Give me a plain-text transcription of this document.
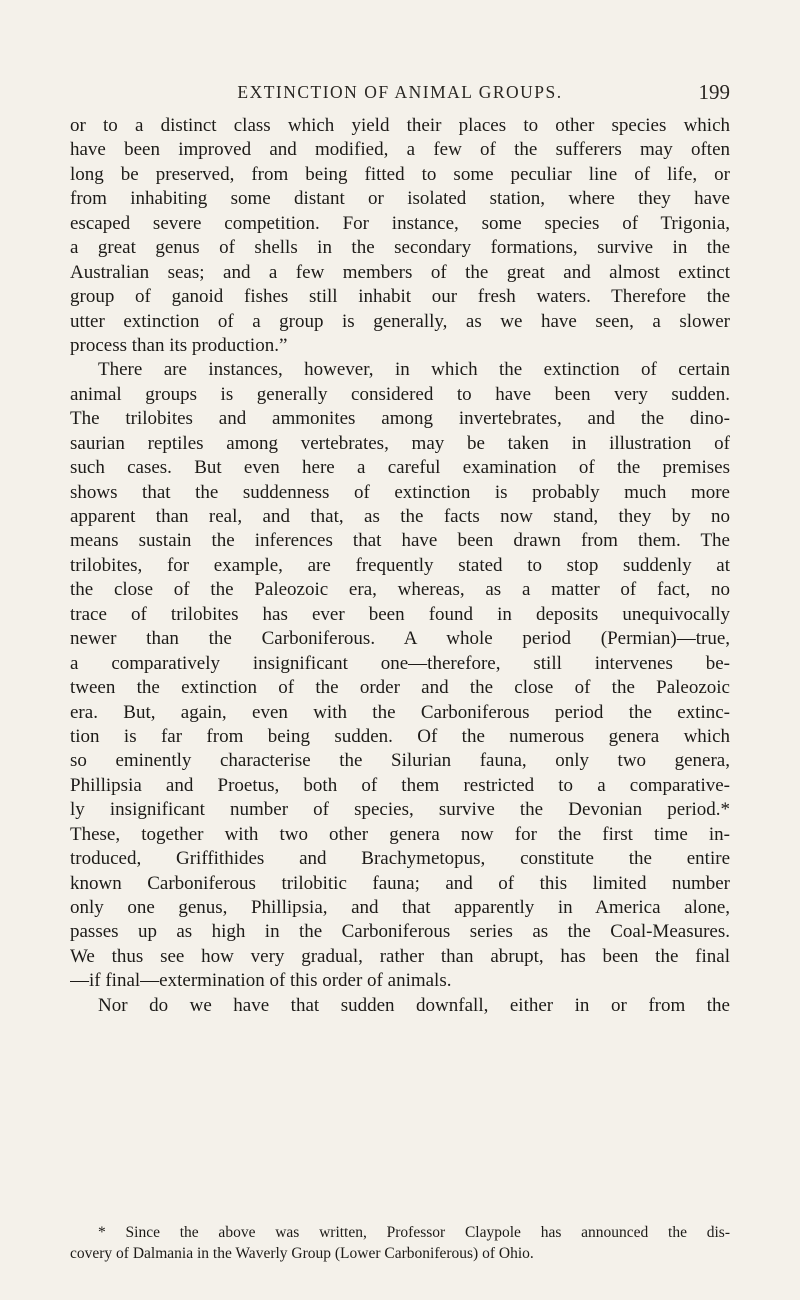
EXTINCTION OF ANIMAL GROUPS.	199
or to a distinct class which yield their places to other species which
have been improved and modified, a few of the sufferers may often
long be preserved, from being fitted to some peculiar line of life, or
from inhabiting some distant or isolated station, where they have
escaped severe competition. For instance, some species of Trigonia,
a great genus of shells in the secondary formations, survive in the
Australian seas; and a few members of the great and almost extinct
group of ganoid fishes still inhabit our fresh waters. Therefore the
utter extinction of a group is generally, as we have seen, a slower
process than its production.”
There are instances, however, in which the extinction of certain
animal groups is generally considered to have been very sudden.
The trilobites and ammonites among invertebrates, and the dino-
saurian reptiles among vertebrates, may be taken in illustration of
such cases. But even here a careful examination of the premises
shows that the suddenness of extinction is probably much more
apparent than real, and that, as the facts now stand, they by no
means sustain the inferences that have been drawn from them. The
trilobites, for example, are frequently stated to stop suddenly at
the close of the Paleozoic era, whereas, as a matter of fact, no
trace of trilobites has ever been found in deposits unequivocally
newer than the Carboniferous. A whole period (Permian)—true,
a comparatively insignificant one—therefore, still intervenes be-
tween the extinction of the order and the close of the Paleozoic
era. But, again, even with the Carboniferous period the extinc-
tion is far from being sudden. Of the numerous genera which
so eminently characterise the Silurian fauna, only two genera,
Phillipsia and Proetus, both of them restricted to a comparative-
ly insignificant number of species, survive the Devonian period.*
These, together with two other genera now for the first time in-
troduced, Griffithides and Brachymetopus, constitute the entire
known Carboniferous trilobitic fauna; and of this limited number
only one genus, Phillipsia, and that apparently in America alone,
passes up as high in the Carboniferous series as the Coal-Measures.
We thus see how very gradual, rather than abrupt, has been the final
—if final—extermination of this order of animals.
Nor do we have that sudden downfall, either in or from the
* Since the above was written, Professor Claypole has announced the dis-
covery of Dalmania in the Waverly Group (Lower Carboniferous) of Ohio.
